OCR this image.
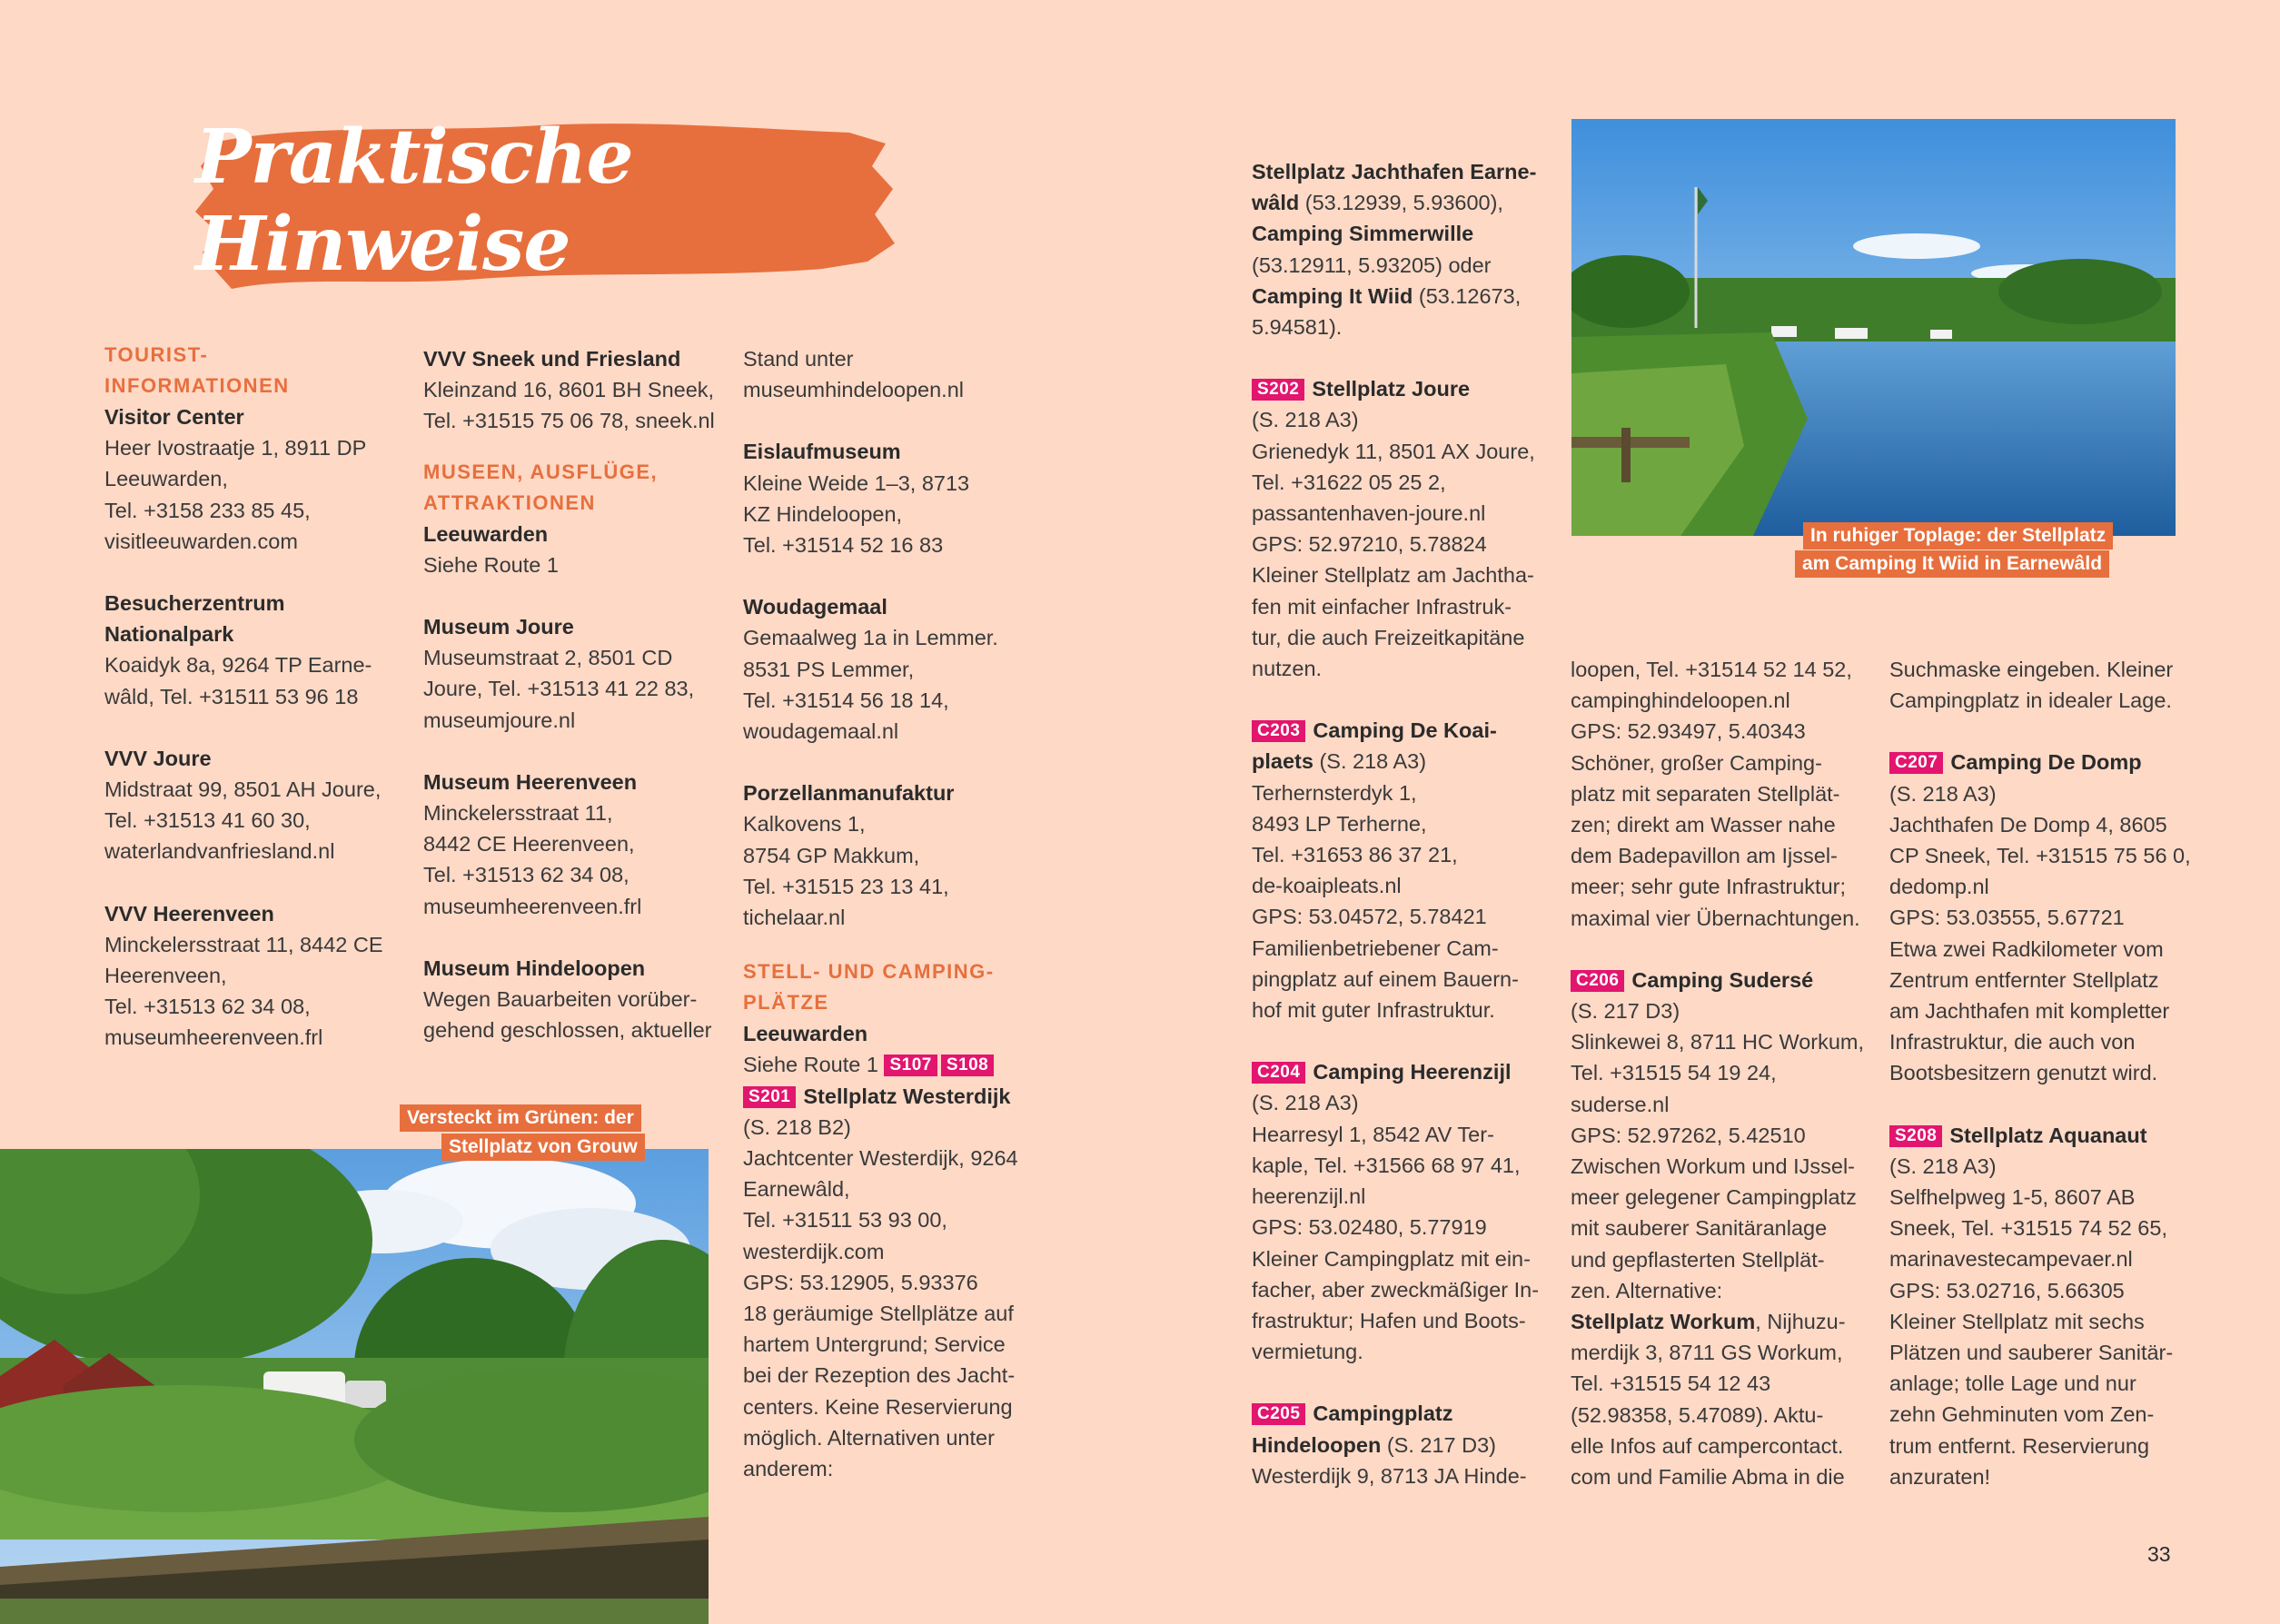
Praktische Hinweise

TOURIST-

INFORMATIONEN

Visitor Center

Heer Ivostraatje 1, 8911 DP

Leeuwarden,

Tel. +3158 233 85 45,

visitleeuwarden.com

Besucherzentrum

Nationalpark

Koaidyk 8a, 9264 TP Earne-

wâld, Tel. +31511 53 96 18

VVV Joure

Midstraat 99, 8501 AH Joure,

Tel. +31513 41 60 30,

waterlandvanfriesland.nl

VVV Heerenveen

Minckelersstraat 11, 8442 CE

Heerenveen,

Tel. +31513 62 34 08,

museumheerenveen.frl

VVV Sneek und Friesland

Kleinzand 16, 8601 BH Sneek,

Tel. +31515 75 06 78, sneek.nl

MUSEEN, AUSFLÜGE,

ATTRAKTIONEN

Leeuwarden

Siehe Route 1

Museum Joure

Museumstraat 2, 8501 CD

Joure, Tel. +31513 41 22 83,

museumjoure.nl

Museum Heerenveen

Minckelersstraat 11,

8442 CE Heerenveen,

Tel. +31513 62 34 08,

museumheerenveen.frl

Museum Hindeloopen

Wegen Bauarbeiten vorüber-

gehend geschlossen, aktueller

Stand unter

museumhindeloopen.nl

Eislaufmuseum

Kleine Weide 1–3, 8713

KZ Hindeloopen,

Tel. +31514 52 16 83

Woudagemaal

Gemaalweg 1a in Lemmer.

8531 PS Lemmer,

Tel. +31514 56 18 14,

woudagemaal.nl

Porzellanmanufaktur

Kalkovens 1,

8754 GP Makkum,

Tel. +31515 23 13 41,

tichelaar.nl

STELL- UND CAMPING-

PLÄTZE

Leeuwarden

Siehe Route 1 S107 S108

S201 Stellplatz Westerdijk

(S. 218 B2)

Jachtcenter Westerdijk, 9264

Earnewâld,

Tel. +31511 53 93 00,

westerdijk.com

GPS: 53.12905, 5.93376

18 geräumige Stellplätze auf

hartem Untergrund; Service

bei der Rezeption des Jacht-

centers. Keine Reservierung

möglich. Alternativen unter

anderem:

Stellplatz Jachthafen Earne-

wâld (53.12939, 5.93600),

Camping Simmerwille

(53.12911, 5.93205) oder

Camping It Wiid (53.12673,

5.94581).

S202 Stellplatz Joure

(S. 218 A3)

Grienedyk 11, 8501 AX Joure,

Tel. +31622 05 25 2,

passantenhaven-joure.nl

GPS: 52.97210, 5.78824

Kleiner Stellplatz am Jachtha-

fen mit einfacher Infrastruk-

tur, die auch Freizeitkapitäne

nutzen.

C203 Camping De Koai-

plaets (S. 218 A3)

Terhernsterdyk 1,

8493 LP Terherne,

Tel. +31653 86 37 21,

de-koaipleats.nl

GPS: 53.04572, 5.78421

Familienbetriebener Cam-

pingplatz auf einem Bauern-

hof mit guter Infrastruktur.

C204 Camping Heerenzijl

(S. 218 A3)

Hearresyl 1, 8542 AV Ter-

kaple, Tel. +31566 68 97 41,

heerenzijl.nl

GPS: 53.02480, 5.77919

Kleiner Campingplatz mit ein-

facher, aber zweckmäßiger In-

frastruktur; Hafen und Boots-

vermietung.

C205 Campingplatz

Hindeloopen (S. 217 D3)

Westerdijk 9, 8713 JA Hinde-

loopen, Tel. +31514 52 14 52,

campinghindeloopen.nl

GPS: 52.93497, 5.40343

Schöner, großer Camping-

platz mit separaten Stellplät-

zen; direkt am Wasser nahe

dem Badepavillon am Ijssel-

meer; sehr gute Infrastruktur;

maximal vier Übernachtungen.

C206 Camping Sudersé

(S. 217 D3)

Slinkewei 8, 8711 HC Workum,

Tel. +31515 54 19 24,

suderse.nl

GPS: 52.97262, 5.42510

Zwischen Workum und IJssel-

meer gelegener Campingplatz

mit sauberer Sanitäranlage

und gepflasterten Stellplät-

zen. Alternative:

Stellplatz Workum, Nijhuzu-

merdijk 3, 8711 GS Workum,

Tel. +31515 54 12 43

(52.98358, 5.47089). Aktu-

elle Infos auf campercontact.

com und Familie Abma in die

Suchmaske eingeben. Kleiner

Campingplatz in idealer Lage.

C207 Camping De Domp

(S. 218 A3)

Jachthafen De Domp 4, 8605

CP Sneek, Tel. +31515 75 56 0,

dedomp.nl

GPS: 53.03555, 5.67721

Etwa zwei Radkilometer vom

Zentrum entfernter Stellplatz

am Jachthafen mit kompletter

Infrastruktur, die auch von

Bootsbesitzern genutzt wird.

S208 Stellplatz Aquanaut

(S. 218 A3)

Selfhelpweg 1-5, 8607 AB

Sneek, Tel. +31515 74 52 65,

marinavestecampevaer.nl

GPS: 53.02716, 5.66305

Kleiner Stellplatz mit sechs

Plätzen und sauberer Sanitär-

anlage; tolle Lage und nur

zehn Gehminuten vom Zen-

trum entfernt. Reservierung

anzuraten!

Versteckt im Grünen: der
Stellplatz von Grouw
In ruhiger Toplage: der Stellplatz
am Camping It Wiid in Earnewâld
33
